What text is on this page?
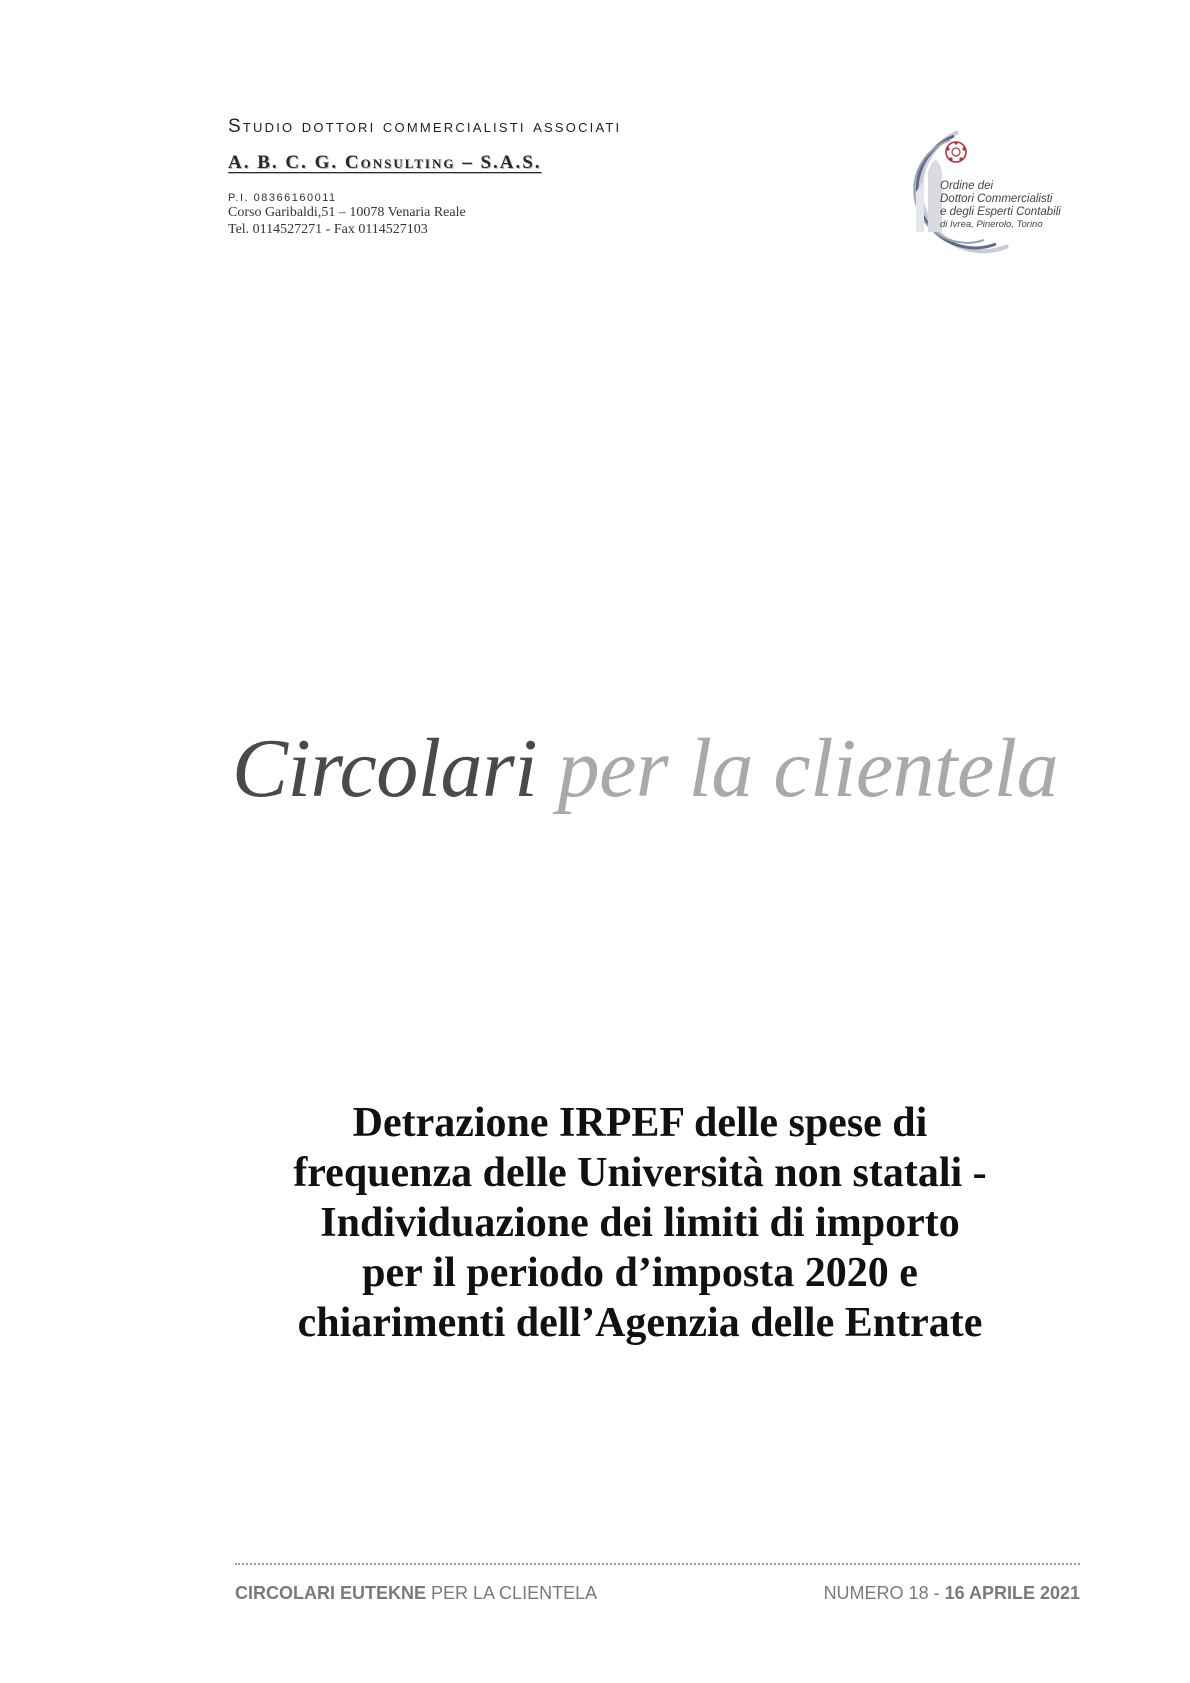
Studio dottori commercialisti associati

A. B. C. G. Consulting – S.A.S.
P.I. 08366160011
Corso Garibaldi,51 – 10078 Venaria Reale
Tel. 0114527271 - Fax 0114527103
Ordine dei
Dottori Commercialisti
e degli Esperti Contabili
di Ivrea, Pinerolo, Torino
Circolari per la clientela
Detrazione IRPEF delle spese di
frequenza delle Università non statali -
Individuazione dei limiti di importo
per il periodo d’imposta 2020 e
chiarimenti dell’Agenzia delle Entrate
CIRCOLARI EUTEKNE PER LA CLIENTELA	NUMERO 18 - 16 APRILE 2021
